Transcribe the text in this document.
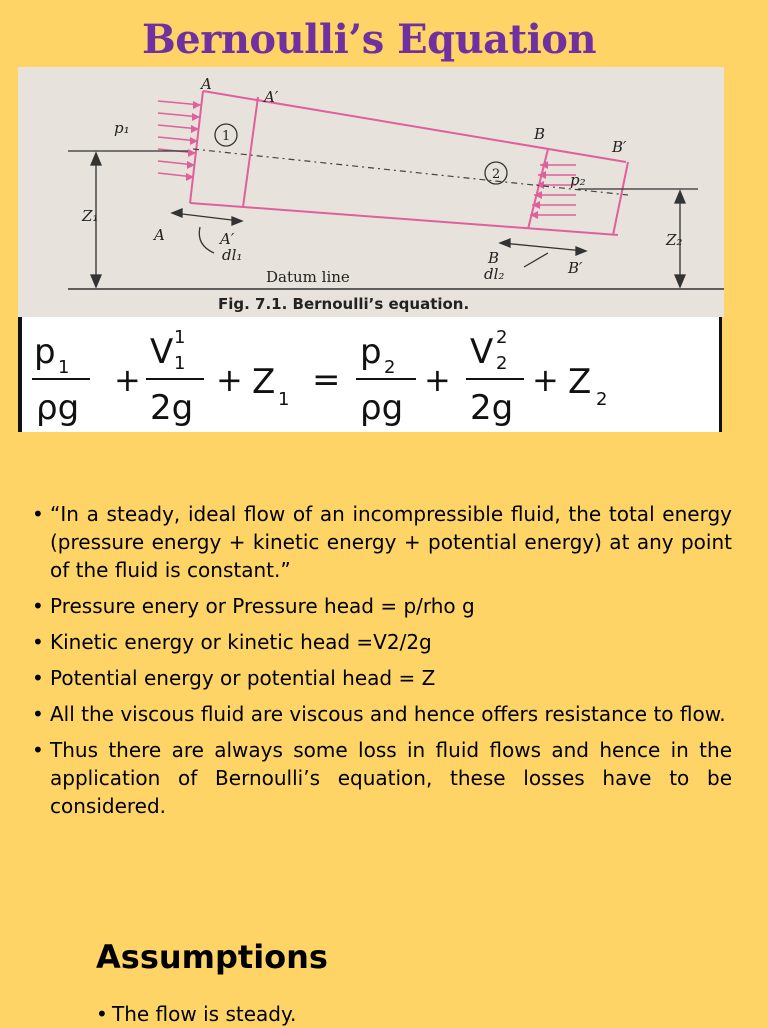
Bernoulli’s Equation
1
2
A
A′
B
B′
A	A′
B
B′
p₁
p₂
Z₁
Z₂
dl₁
dl₂
Datum line
Fig. 7.1. Bernoulli’s equation.
p 1
ρg
+
V 1
1
2g
+ Z 1 =
p 2
ρg
+
V 2
2
2g
+ Z 2
• “In a steady, ideal flow of an incompressible fluid, the total energy (pressure energy + kinetic energy + potential energy) at any point of the fluid is constant.”
• Pressure enery or Pressure head = p/rho g
• Kinetic energy or kinetic head =V2/2g
• Potential energy or potential head = Z
• All the viscous fluid are viscous and hence offers resistance to flow.
• Thus there are always some loss in fluid flows and hence in the application of Bernoulli’s equation, these losses have to be considered.
Assumptions
• The flow is steady.
